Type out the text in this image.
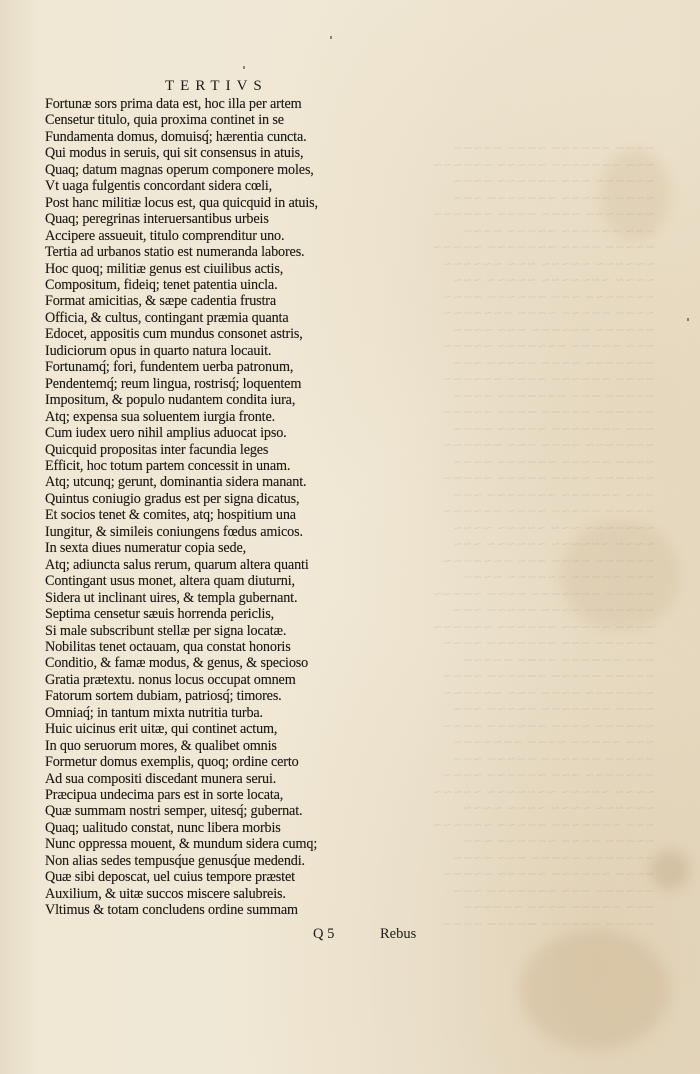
~~~~ ~~~~~~ ~~~~ ~~~~~
~~~ ~~~~~~~ ~~~~~ ~~~~~~
~~~~~~ ~~~ ~~~~~~ ~~~~
~~~~ ~~~~~ ~~~~~~~ ~~~
~~~~~~~ ~~~~ ~~~~ ~~~~~~
~~~ ~~~~~~ ~~~~~ ~~~~
~~~~~ ~~~~ ~~~~~~~ ~~~~~
~~~~~~ ~~~~~ ~~~ ~~~~~~
~~~~ ~~~~~~~ ~~~~~ ~~~
~~~~~~~ ~~~ ~~~~~~ ~~~~
~~~~ ~~~~~ ~~~~ ~~~~~~~
~~~~~~ ~~~~~~ ~~~ ~~~~
~~~ ~~~~~ ~~~~~~~ ~~~~~
~~~~~~~ ~~~~ ~~~~~ ~~~
~~~~ ~~~~~~ ~~~~ ~~~~~~
~~~~~ ~~~ ~~~~~~~ ~~~~
~~~~~~ ~~~~~ ~~~~ ~~~~~
~~~ ~~~~~~~ ~~~~~ ~~~~
~~~~~~~ ~~~~ ~~~ ~~~~~~
~~~~ ~~~~~ ~~~~~~ ~~~~
~~~~~~ ~~~~ ~~~~~ ~~~~~
~~~ ~~~~~~ ~~~~~~~ ~~~
~~~~~ ~~~~~ ~~~~ ~~~~~~
~~~~~~~ ~~~ ~~~~~ ~~~~
~~~~ ~~~~~~ ~~~~~~ ~~~
~~~~~~ ~~~~ ~~~ ~~~~~~~
~~~ ~~~~~ ~~~~~~ ~~~~
~~~~~ ~~~~~~~ ~~~~ ~~~~~
~~~~~~~ ~~~~ ~~~~~ ~~~
~~~~ ~~~~~ ~~~~~~ ~~~~~~
~~~~~~ ~~~ ~~~~~~~ ~~~~
~~~ ~~~~~~ ~~~~ ~~~~~
~~~~~ ~~~~~ ~~~~~~ ~~~~
~~~~~~~ ~~~~ ~~~ ~~~~~~
~~~~ ~~~~~~~ ~~~~~ ~~~
~~~~~~ ~~~~ ~~~~~~ ~~~~
~~~ ~~~~~ ~~~~ ~~~~~~~
~~~~~ ~~~~~~ ~~~~~ ~~~
~~~~~~~ ~~~ ~~~~~~ ~~~~
~~~~ ~~~~~ ~~~~~~~ ~~~~~
~~~~~~ ~~~~ ~~~~ ~~~~
~~~ ~~~~~~~ ~~~~~ ~~~~~~
~~~~~ ~~~~ ~~~~~~ ~~~
~~~~~~~ ~~~~~ ~~~ ~~~~
~~~~ ~~~~~~ ~~~~~ ~~~~~
~~~~~~ ~~~ ~~~~~~~ ~~~
~~~ ~~~~~ ~~~~ ~~~~~~
~~~~~ ~~~~~~ ~~~~~ ~~~~
TERTIVS
Fortunæ sors prima data est, hoc illa per artem
Censetur titulo, quia proxima continet in se
Fundamenta domus, domuisq́; hærentia cuncta.
Qui modus in seruis, qui sit consensus in atuis,
Quaq; datum magnas operum componere moles,
Vt uaga fulgentis concordant sidera cœli,
Post hanc militiæ locus est, qua quicquid in atuis,
Quaq; peregrinas interuersantibus urbeis
Accipere assueuit, titulo comprenditur uno.
Tertia ad urbanos statio est numeranda labores.
Hoc quoq; militiæ genus est ciuilibus actis,
Compositum, fideiq; tenet patentia uincla.
Format amicitias, & sæpe cadentia frustra
Officia, & cultus, contingant præmia quanta
Edocet, appositis cum mundus consonet astris,
Iudiciorum opus in quarto natura locauit.
Fortunamq́; fori, fundentem uerba patronum,
Pendentemq́; reum lingua, rostrisq́; loquentem
Impositum, & populo nudantem condita iura,
Atq; expensa sua soluentem iurgia fronte.
Cum iudex uero nihil amplius aduocat ipso.
Quicquid propositas inter facundia leges
Efficit, hoc totum partem concessit in unam.
Atq; utcunq; gerunt, dominantia sidera manant.
Quintus coniugio gradus est per signa dicatus,
Et socios tenet & comites, atq; hospitium una
Iungitur, & simileis coniungens fœdus amicos.
In sexta diues numeratur copia sede,
Atq; adiuncta salus rerum, quarum altera quanti
Contingant usus monet, altera quam diuturni,
Sidera ut inclinant uires, & templa gubernant.
Septima censetur sæuis horrenda periclis,
Si male subscribunt stellæ per signa locatæ.
Nobilitas tenet octauam, qua constat honoris
Conditio, & famæ modus, & genus, & specioso
Gratia prætextu. nonus locus occupat omnem
Fatorum sortem dubiam, patriosq́; timores.
Omniaq́; in tantum mixta nutritia turba.
Huic uicinus erit uitæ, qui continet actum,
In quo seruorum mores, & qualibet omnis
Formetur domus exemplis, quoq; ordine certo
Ad sua compositi discedant munera serui.
Præcipua undecima pars est in sorte locata,
Quæ summam nostri semper, uitesq́; gubernat.
Quaq; ualitudo constat, nunc libera morbis
Nunc oppressa mouent, & mundum sidera cumq;
Non alias sedes tempusq́ue genusq́ue medendi.
Quæ sibi deposcat, uel cuius tempore præstet
Auxilium, & uitæ succos miscere salubreis.
Vltimus & totam concludens ordine summam
Q 5	Rebus
